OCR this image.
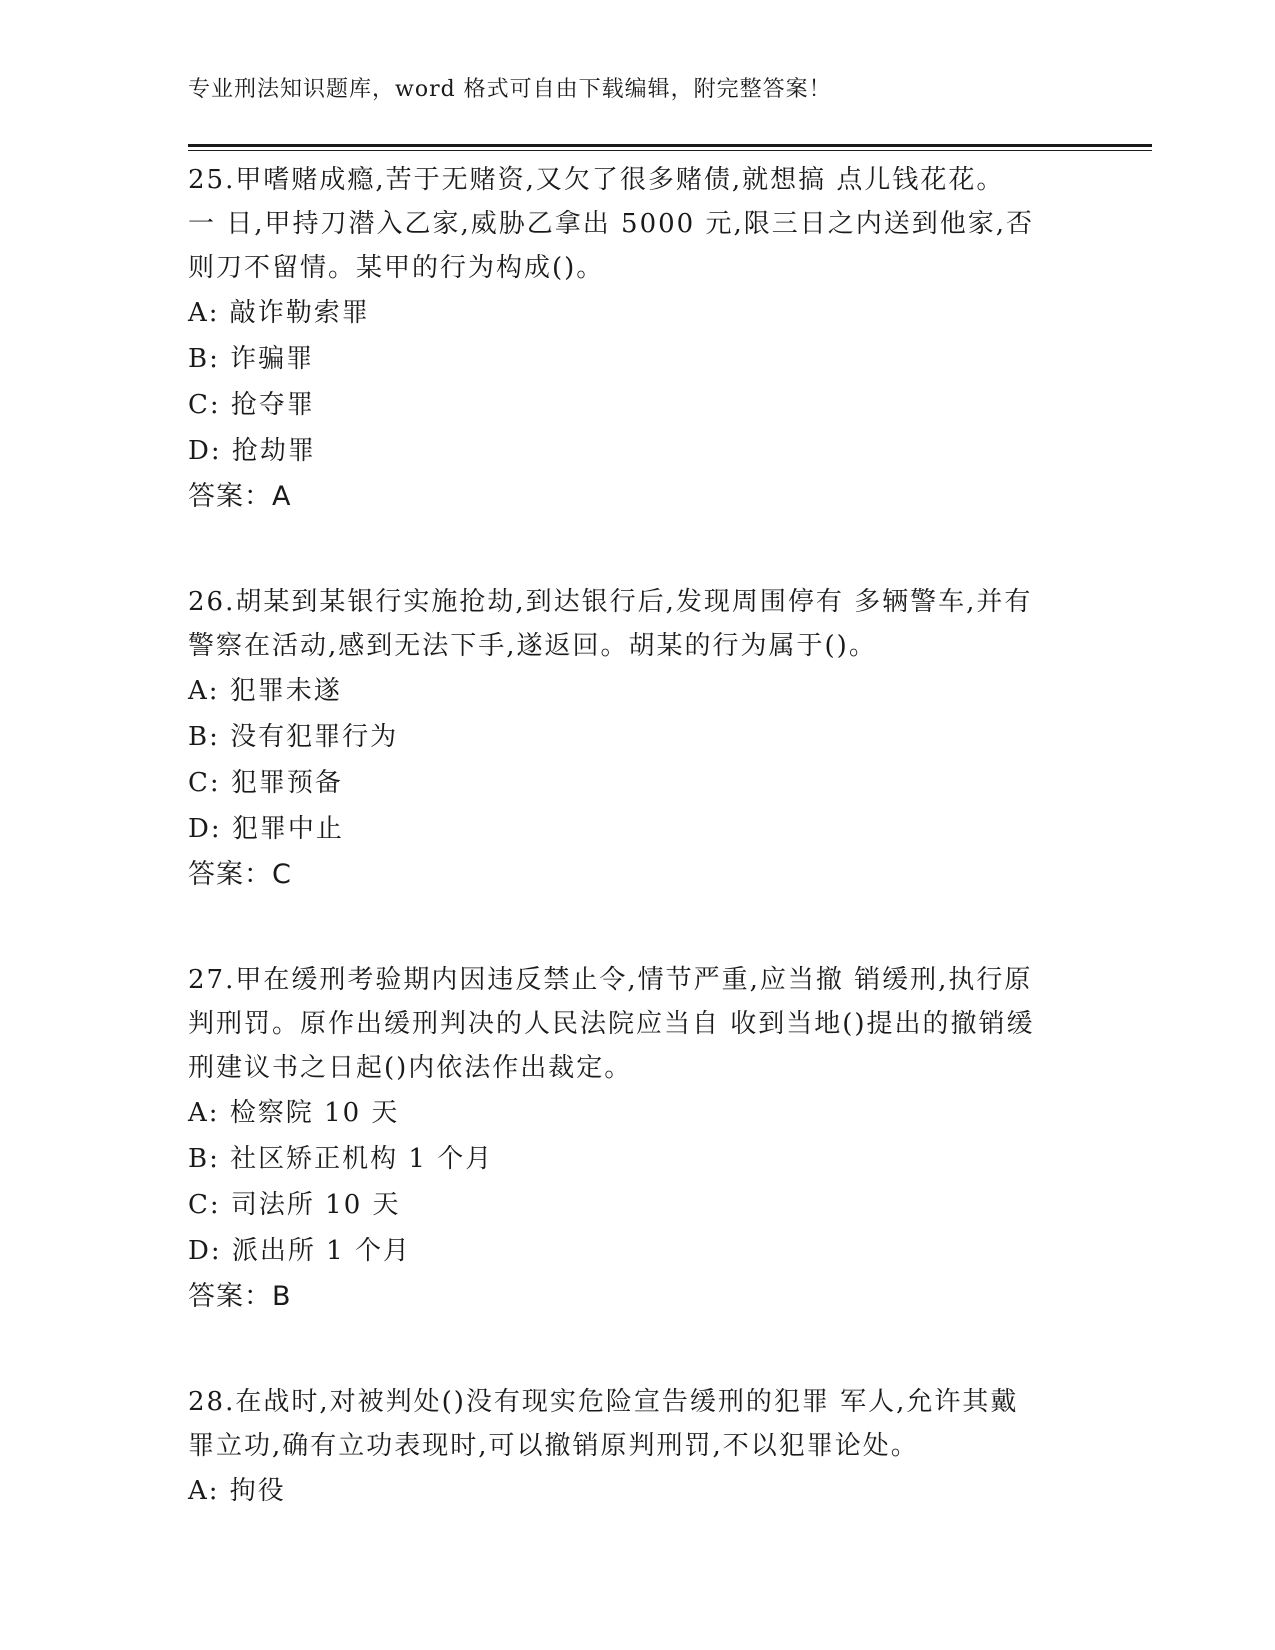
专业刑法知识题库，word 格式可自由下载编辑，附完整答案！
25.甲嗜赌成瘾,苦于无赌资,又欠了很多赌债,就想搞 点儿钱花花。
一 日,甲持刀潜入乙家,威胁乙拿出 5000 元,限三日之内送到他家,否
则刀不留情。某甲的行为构成()。
A: 敲诈勒索罪
B: 诈骗罪
C: 抢夺罪
D: 抢劫罪
答案：A
26.胡某到某银行实施抢劫,到达银行后,发现周围停有 多辆警车,并有
警察在活动,感到无法下手,遂返回。胡某的行为属于()。
A: 犯罪未遂
B: 没有犯罪行为
C: 犯罪预备
D: 犯罪中止
答案：C
27.甲在缓刑考验期内因违反禁止令,情节严重,应当撤 销缓刑,执行原
判刑罚。原作出缓刑判决的人民法院应当自 收到当地()提出的撤销缓
刑建议书之日起()内依法作出裁定。
A: 检察院 10 天
B: 社区矫正机构 1 个月
C: 司法所 10 天
D: 派出所 1 个月
答案：B
28.在战时,对被判处()没有现实危险宣告缓刑的犯罪 军人,允许其戴
罪立功,确有立功表现时,可以撤销原判刑罚,不以犯罪论处。
A: 拘役
